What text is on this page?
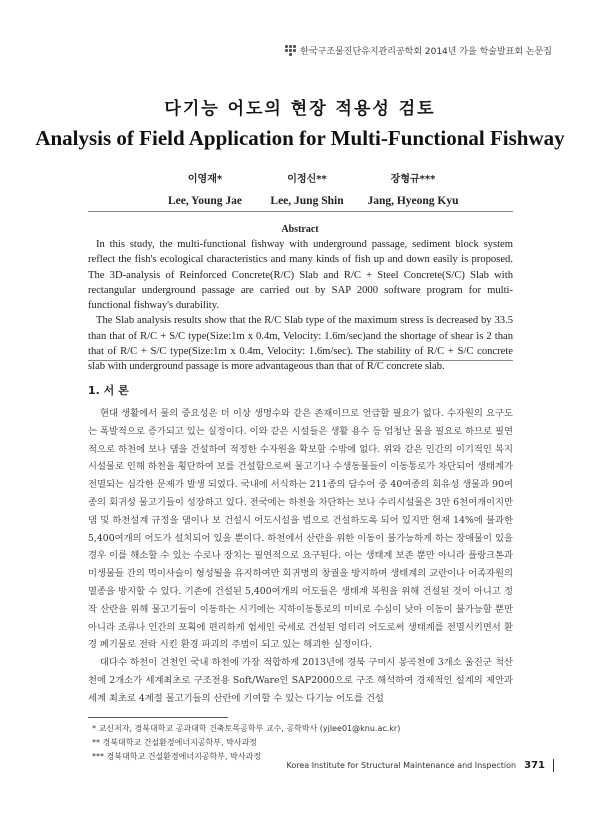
한국구조물진단유지관리공학회 2014년 가을 학술발표회 논문집
다기능 어도의 현장 적용성 검토
Analysis of Field Application for Multi-Functional Fishway
이영재*
Lee, Young Jae
이정신**
Lee, Jung Shin
장형규***
Jang, Hyeong Kyu
Abstract

In this study, the multi-functional fishway with underground passage, sediment block system reflect the fish's ecological characteristics and many kinds of fish up and down easily is proposed. The 3D-analysis of Reinforced Concrete(R/C) Slab and R/C + Steel Concrete(S/C) Slab with rectangular underground passage are carried out by SAP 2000 software program for multi-functional fishway's durability.

The Slab analysis results show that the R/C Slab type of the maximum stress is decreased by 33.5 than that of R/C + S/C type(Size:1m x 0.4m, Velocity: 1.6m/sec)and the shortage of shear is 2 than that of R/C + S/C type(Size:1m x 0.4m, Velocity: 1.6m/sec). The stability of R/C + S/C concrete slab with underground passage is more advantageous than that of R/C concrete slab.

1. 서 론

현대 생활에서 물의 중요성은 더 이상 생명수와 같은 존재이므로 언급할 필요가 없다. 수자원의 요구도는 폭발적으로 증가되고 있는 실정이다. 이와 같은 시설들은 생활 용수 등 엄청난 물을 필요로 하므로 필연적으로 하천에 보나 댐을 건설하여 적정한 수자원을 확보할 수밖에 없다. 위와 같은 인간의 이기적인 복지 시설물로 인해 하천을 횡단하여 보를 건설함으로써 물고기나 수생동물들이 이동통로가 차단되어 생태계가 전멸되는 심각한 문제가 발생 되었다. 국내에 서식하는 211종의 담수어 중 40여종의 회유성 생물과 90여종의 회귀성 물고기들이 성장하고 있다. 전국에는 하천을 차단하는 보나 수리시설물은 3만 6천여개이지만 댐 및 하천설계 규정을 댐이나 보 건설시 어도시설을 법으로 건설하도록 되어 있지만 현재 14%에 불과한 5,400여개의 어도가 설치되어 있을 뿐이다. 하천에서 산란을 위한 이동이 불가능하게 하는 장애물이 있을 경우 이를 해소할 수 있는 수로나 장치는 필연적으로 요구된다. 이는 생태계 보존 뿐만 아니라 플랑크톤과 미생물들 간의 먹이사슬이 형성될을 유지하여만 회귀병의 창궐을 방지하며 생태계의 교란이나 어족자원의 멸종을 방지할 수 있다. 기존에 건설된 5,400여개의 어도들은 생태계 복원을 위해 건설된 것이 아니고 정작 산란을 위해 물고기들이 이동하는 시기에는 지하이동통로의 미비로 수심이 낮아 이동이 불가능할 뿐만아니라 조류나 인간의 포획에 편리하게 험세인 국세로 건설된 엉터리 어도로써 생태계를 전멸시키면서 환경 폐기물로 전락 시킨 환경 파괴의 주범이 되고 있는 해괴한 실정이다.

대다수 하천이 건천인 국내 하천에 가장 적합하게 2013년에 경북 구미시 봉곡천에 3개소 울진군 척산천에 2개소가 세계최초로 구조전용 Soft/Ware인 SAP2000으로 구조 해석하여 경제적인 설계의 제안과 세계 최초로 4계절 물고기들의 산란에 기여할 수 있는 다기능 어도를 건설

* 교신저자, 경북대학교 공과대학 건축토목공학부 교수, 공학박사 (yjlee01@knu.ac.kr)
** 경북대학교 건설환경에너지공학부, 박사과정
*** 경북대학교 건설환경에너지공학부, 박사과정
Korea Institute for Structural Maintenance and Inspection 371
